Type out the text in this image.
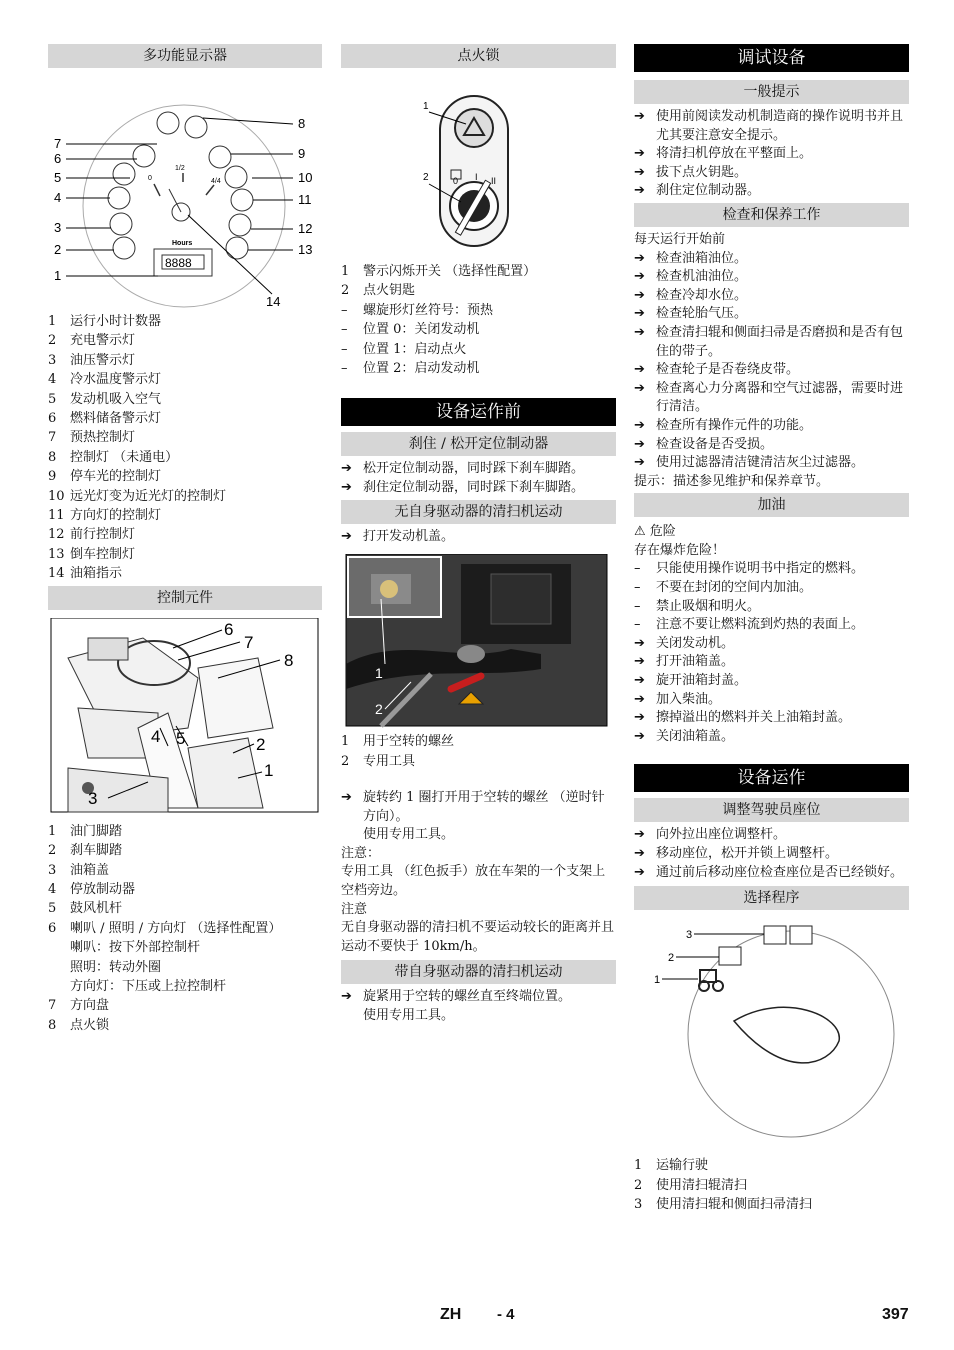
多功能显示器
0
1/2
4/4
Hours
8888
7
6
5
4
3
2
1
8
9
10
11
12
13
14
1	运行小时计数器
2	充电警示灯
3	油压警示灯
4	冷水温度警示灯
5	发动机吸入空气
6	燃料储备警示灯
7	预热控制灯
8	控制灯 （未通电）
9	停车光的控制灯
10 远光灯变为近光灯的控制灯
11 方向灯的控制灯
12 前行控制灯
13 倒车控制灯
14 油箱指示
控制元件
6
7
8
4 5	2
1
3
1	油门脚踏
2	刹车脚踏
3	油箱盖
4	停放制动器
5	鼓风机杆
6	喇叭 / 照明 / 方向灯 （选择性配置）
喇叭：按下外部控制杆
照明：转动外圈
方向灯：下压或上拉控制杆
7	方向盘
8	点火锁
点火锁
0 I II
1
2
1	警示闪烁开关 （选择性配置）
2	点火钥匙
–	螺旋形灯丝符号：预热
–	位置 0：关闭发动机
–	位置 1：启动点火
–	位置 2：启动发动机
设备运作前
刹住 / 松开定位制动器
➔ 松开定位制动器，同时踩下刹车脚踏。
➔ 刹住定位制动器，同时踩下刹车脚踏。
无自身驱动器的清扫机运动
➔ 打开发动机盖。
1
2
1	用于空转的螺丝
2	专用工具
➔ 旋转约 1 圈打开用于空转的螺丝 （逆时针方向）。
使用专用工具。
注意：
专用工具 （红色扳手）放在车架的一个支架上空档旁边。
注意
无自身驱动器的清扫机不要运动较长的距离并且运动不要快于 10km/h。
带自身驱动器的清扫机运动
➔ 旋紧用于空转的螺丝直至终端位置。
使用专用工具。
调试设备
一般提示
➔ 使用前阅读发动机制造商的操作说明书并且尤其要注意安全提示。
➔ 将清扫机停放在平整面上。
➔ 拔下点火钥匙。
➔ 刹住定位制动器。
检查和保养工作
每天运行开始前
➔ 检查油箱油位。
➔ 检查机油油位。
➔ 检查冷却水位。
➔ 检查轮胎气压。
➔ 检查清扫辊和侧面扫帚是否磨损和是否有包住的带子。
➔ 检查轮子是否卷绕皮带。
➔ 检查离心力分离器和空气过滤器，需要时进行清洁。
➔ 检查所有操作元件的功能。
➔ 检查设备是否受损。
➔ 使用过滤器清洁键清洁灰尘过滤器。
提示：描述参见维护和保养章节。
加油
⚠ 危险
存在爆炸危险！
–	只能使用操作说明书中指定的燃料。
–	不要在封闭的空间内加油。
–	禁止吸烟和明火。
–	注意不要让燃料流到灼热的表面上。
➔ 关闭发动机。
➔ 打开油箱盖。
➔ 旋开油箱封盖。
➔ 加入柴油。
➔ 擦掉溢出的燃料并关上油箱封盖。
➔ 关闭油箱盖。
设备运作
调整驾驶员座位
➔ 向外拉出座位调整杆。
➔ 移动座位，松开并锁上调整杆。
➔ 通过前后移动座位检查座位是否已经锁好。
选择程序
3
2
1
1	运输行驶
2	使用清扫辊清扫
3	使用清扫辊和侧面扫帚清扫
ZH - 4	397
